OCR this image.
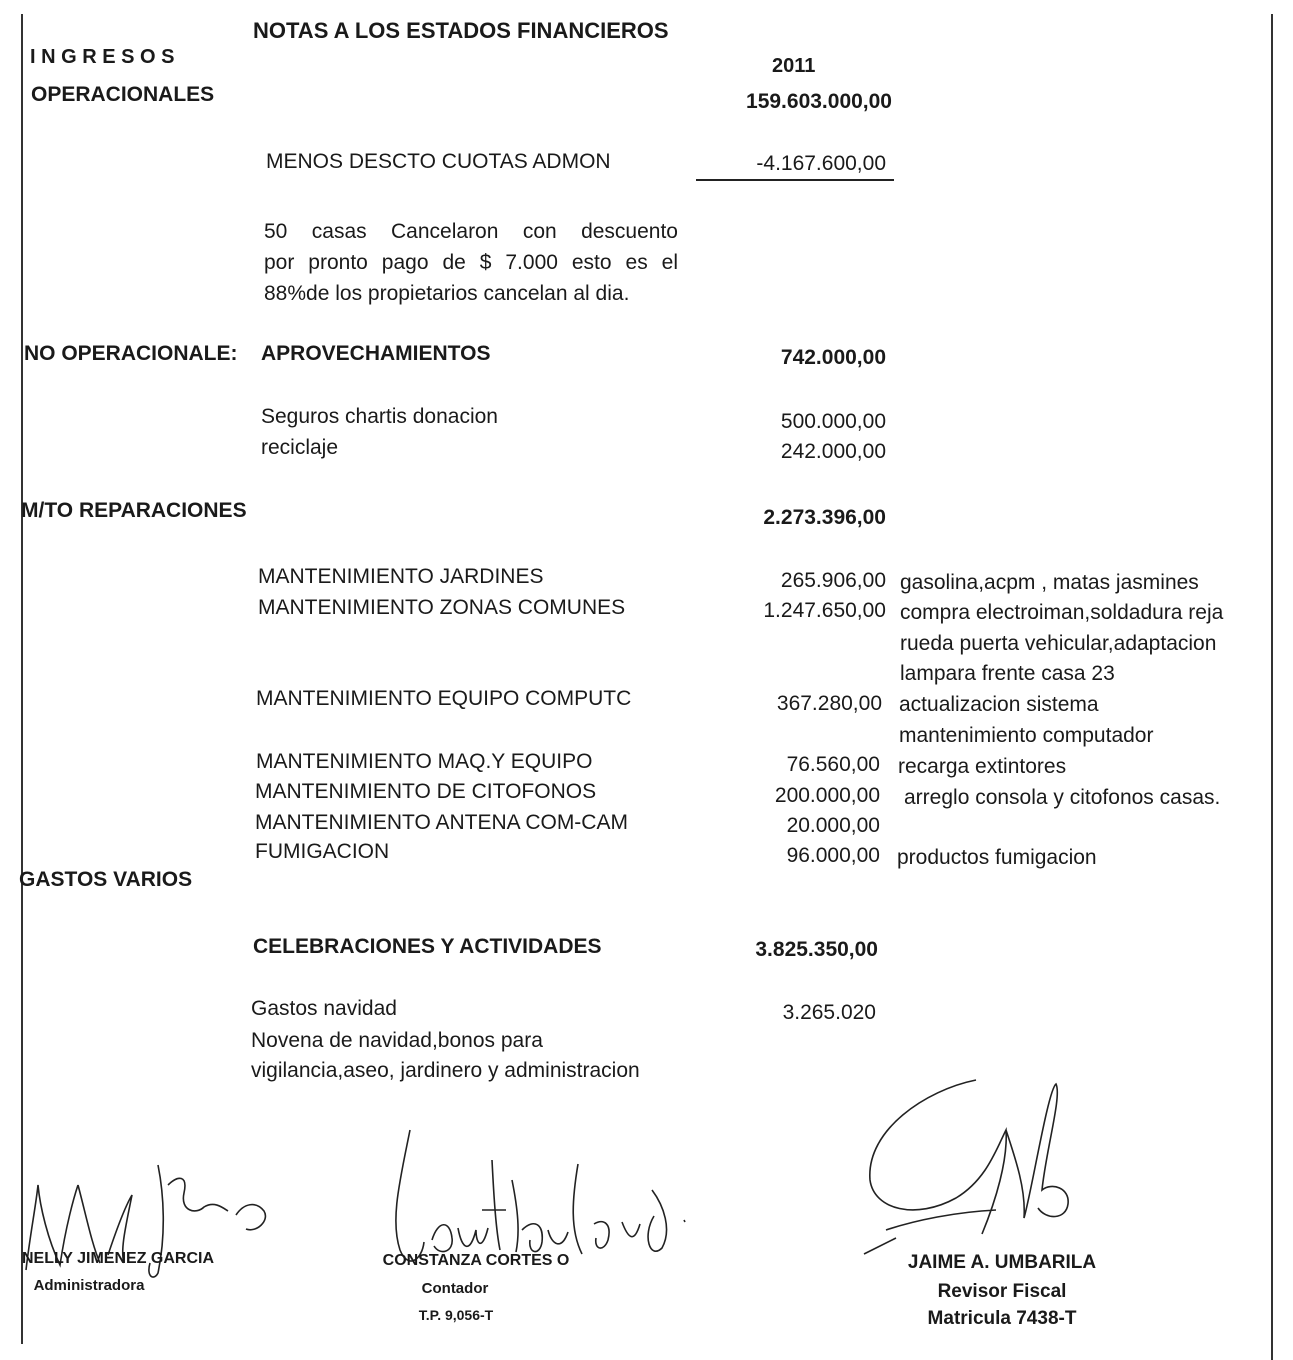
NOTAS A LOS ESTADOS FINANCIEROS
I N G R E S O S	2011
OPERACIONALES	159.603.000,00
MENOS DESCTO CUOTAS ADMON	-4.167.600,00
50 casas Cancelaron con descuento
por pronto pago de $ 7.000 esto es el
88%de los propietarios cancelan al dia.
NO OPERACIONALE:	APROVECHAMIENTOS	742.000,00
Seguros chartis donacion	500.000,00
reciclaje	242.000,00
M/TO REPARACIONES	2.273.396,00
MANTENIMIENTO JARDINES	265.906,00 gasolina,acpm , matas jasmines
MANTENIMIENTO ZONAS COMUNES	1.247.650,00 compra electroiman,soldadura reja
rueda puerta vehicular,adaptacion
lampara frente casa 23
MANTENIMIENTO EQUIPO COMPUTC	367.280,00 actualizacion sistema
mantenimiento computador
MANTENIMIENTO MAQ.Y EQUIPO	76.560,00 recarga extintores
MANTENIMIENTO DE CITOFONOS	200.000,00 arreglo consola y citofonos casas.
MANTENIMIENTO ANTENA COM-CAM	20.000,00
FUMIGACION	96.000,00 productos fumigacion
GASTOS VARIOS
CELEBRACIONES Y ACTIVIDADES	3.825.350,00
Gastos navidad	3.265.020
Novena de navidad,bonos para
vigilancia,aseo, jardinero y administracion
NELLY JIMENEZ GARCIA
Administradora
CONSTANZA CORTES O
Contador
T.P. 9,056-T
JAIME A. UMBARILA
Revisor Fiscal
Matricula 7438-T
